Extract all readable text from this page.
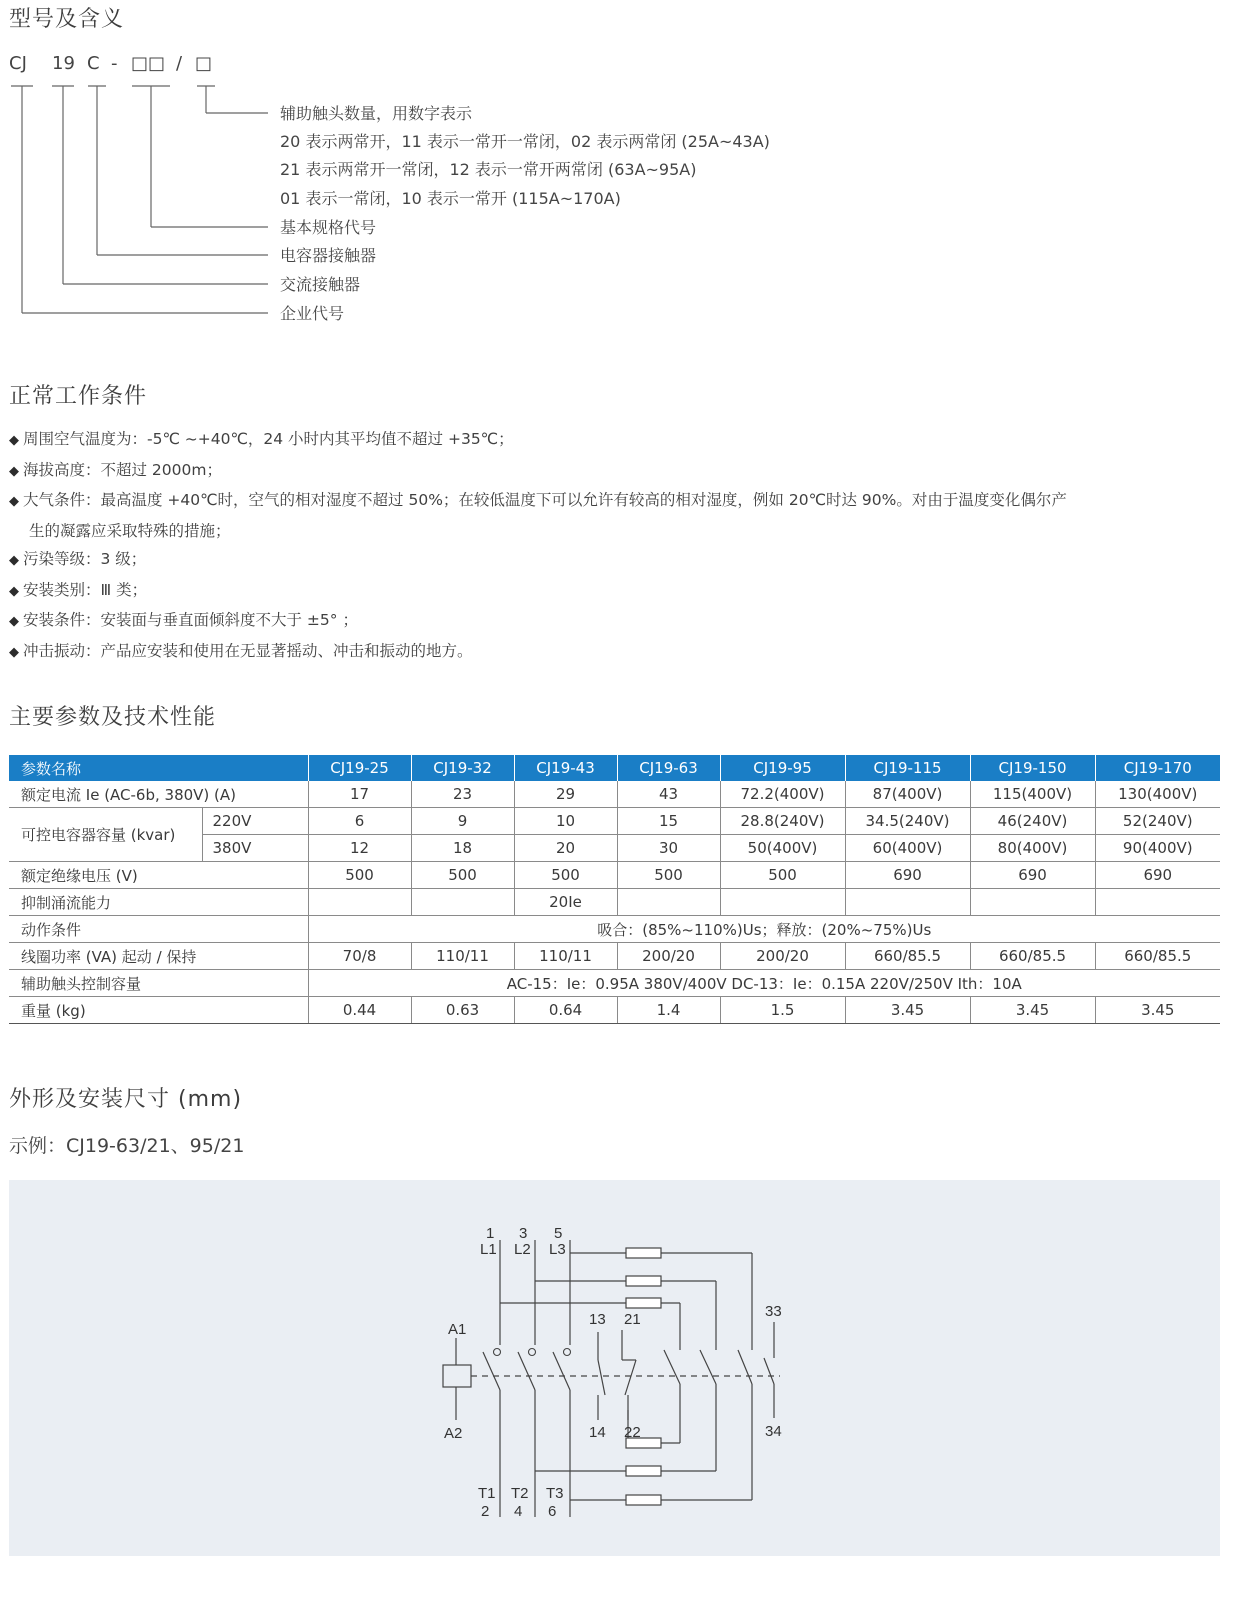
型号及含义
CJ 19 C - □□ / □
辅助触头数量，用数字表示
20 表示两常开，11 表示一常开一常闭，02 表示两常闭 (25A~43A)
21 表示两常开一常闭，12 表示一常开两常闭 (63A~95A)
01 表示一常闭，10 表示一常开 (115A~170A)
基本规格代号
电容器接触器
交流接触器
企业代号
正常工作条件
◆ 周围空气温度为：-5℃ ~+40℃，24 小时内其平均值不超过 +35℃；
◆ 海拔高度：不超过 2000m；
◆ 大气条件：最高温度 +40℃时，空气的相对湿度不超过 50%；在较低温度下可以允许有较高的相对湿度，例如 20℃时达 90%。对由于温度变化偶尔产
生的凝露应采取特殊的措施；
◆ 污染等级：3 级；
◆ 安装类别：Ⅲ 类；
◆ 安装条件：安装面与垂直面倾斜度不大于 ±5° ；
◆ 冲击振动：产品应安装和使用在无显著摇动、冲击和振动的地方。
主要参数及技术性能
参数名称		CJ19-25	CJ19-32	CJ19-43	CJ19-63	CJ19-95	CJ19-115	CJ19-150	CJ19-170
额定电流 Ie (AC-6b, 380V) (A)		17	23	29	43	72.2(400V)	87(400V)	115(400V)	130(400V)
可控电容器容量 (kvar)	220V	6	9	10	15	28.8(240V)	34.5(240V)	46(240V)	52(240V)
	380V	12	18	20	30	50(400V)	60(400V)	80(400V)	90(400V)
额定绝缘电压 (V)		500	500	500	500	500	690	690	690
抑制涌流能力				20Ie					
动作条件		吸合：(85%~110%)Us；释放：(20%~75%)Us							
线圈功率 (VA) 起动 / 保持		70/8	110/11	110/11	200/20	200/20	660/85.5	660/85.5	660/85.5
辅助触头控制容量		AC-15：Ie：0.95A 380V/400V DC-13：Ie：0.15A 220V/250V Ith：10A							
重量 (kg)		0.44	0.63	0.64	1.4	1.5	3.45	3.45	3.45
外形及安装尺寸 (mm)
示例：CJ19-63/21、95/21
1 3 5
L1 L2 L3
T1 T2 T3
2 4 6
A1
A2
13 21
14 22
33
34
